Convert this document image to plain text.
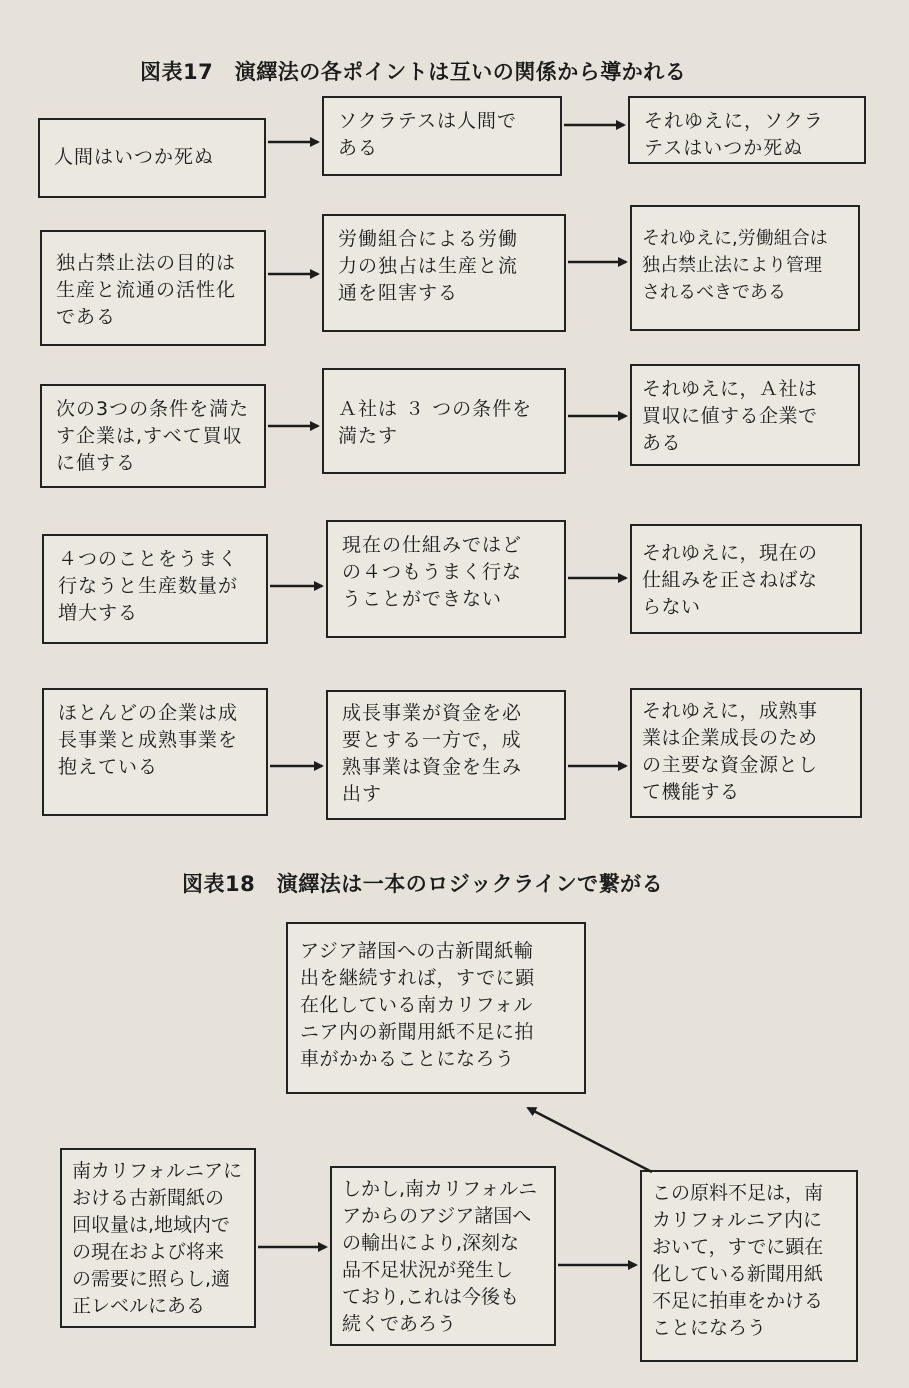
図表17　演繹法の各ポイントは互いの関係から導かれる
人間はいつか死ぬ
ソクラテスは人間で
ある
それゆえに，ソクラ
テスはいつか死ぬ
独占禁止法の目的は
生産と流通の活性化
である
労働組合による労働
力の独占は生産と流
通を阻害する
それゆえに,労働組合は
独占禁止法により管理
されるべきである
次の3つの条件を満た
す企業は,すべて買収
に値する
Ａ社は ３ つの条件を
満たす
それゆえに，Ａ社は
買収に値する企業で
ある
４つのことをうまく
行なうと生産数量が
増大する
現在の仕組みではど
の４つもうまく行な
うことができない
それゆえに，現在の
仕組みを正さねばな
らない
ほとんどの企業は成
長事業と成熟事業を
抱えている
成長事業が資金を必
要とする一方で，成
熟事業は資金を生み
出す
それゆえに，成熟事
業は企業成長のため
の主要な資金源とし
て機能する
図表18　演繹法は一本のロジックラインで繋がる
アジア諸国への古新聞紙輸
出を継続すれば，すでに顕
在化している南カリフォル
ニア内の新聞用紙不足に拍
車がかかることになろう
南カリフォルニアに
おける古新聞紙の
回収量は,地域内で
の現在および将来
の需要に照らし,適
正レベルにある
しかし,南カリフォルニ
アからのアジア諸国へ
の輸出により,深刻な
品不足状況が発生し
ており,これは今後も
続くであろう
この原料不足は，南
カリフォルニア内に
おいて，すでに顕在
化している新聞用紙
不足に拍車をかける
ことになろう
